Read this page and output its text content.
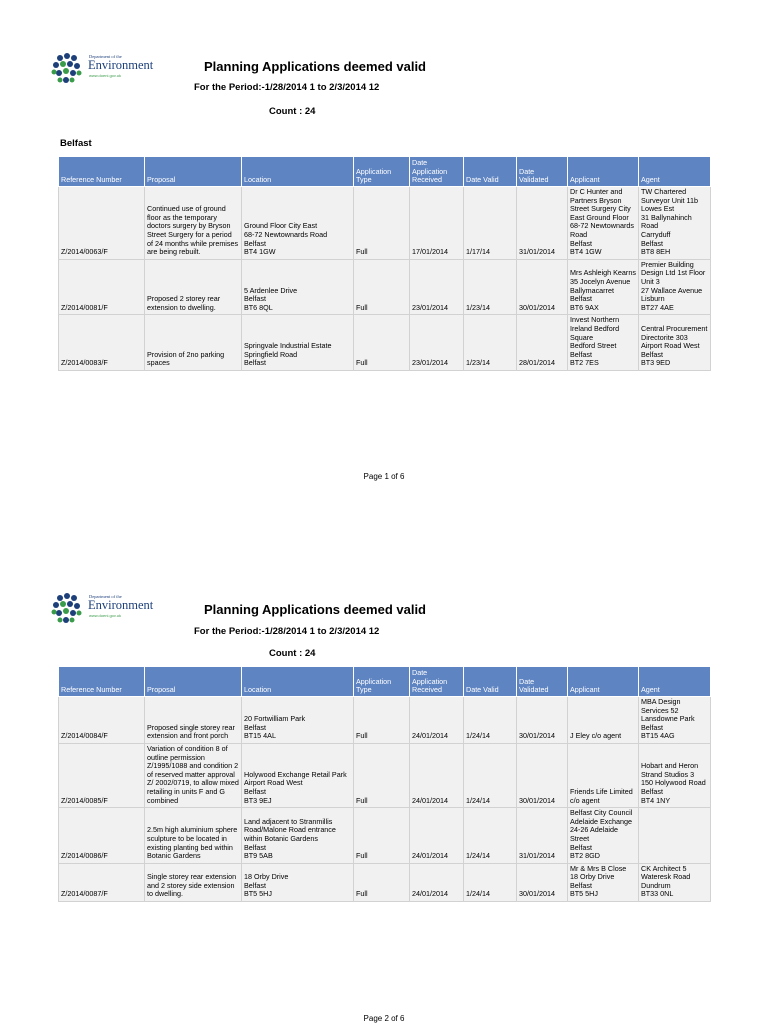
Department of the
Environment
www.doeni.gov.uk
Planning Applications deemed valid
For the Period:-1/28/2014 1 to 2/3/2014 12
Count : 24
Belfast
Reference Number	Proposal	Location	Application Type	Date Application Received	Date Valid	Date Validated	Applicant	Agent
Z/2014/0063/F	Continued use of ground floor as the temporary doctors surgery by Bryson Street Surgery for a period of 24 months while premises are being rebuilt.	Ground Floor City East
68-72 Newtownards Road
Belfast
BT4 1GW	Full	17/01/2014	1/17/14	31/01/2014	Dr C Hunter and Partners Bryson Street Surgery City East Ground Floor
68-72 Newtownards Road
Belfast
BT4 1GW	TW Chartered Surveyor Unit 11b Lowes Est
31 Ballynahinch Road
Carryduff
Belfast
BT8 8EH
Z/2014/0081/F	Proposed 2 storey rear extension to dwelling.	5 Ardenlee Drive
Belfast
BT6 8QL	Full	23/01/2014	1/23/14	30/01/2014	Mrs Ashleigh Kearns 35 Jocelyn Avenue
Ballymacarret
Belfast
BT6 9AX	Premier Building Design Ltd 1st Floor
Unit 3
27 Wallace Avenue
Lisburn
BT27 4AE
Z/2014/0083/F	Provision of 2no parking spaces	Springvale Industrial Estate
Springfield Road
Belfast	Full	23/01/2014	1/23/14	28/01/2014	Invest Northern Ireland Bedford Square
Bedford Street
Belfast
BT2 7ES	Central Procurement Directorite 303 Airport Road West
Belfast
BT3 9ED
Page 1 of 6
Department of the
Environment
www.doeni.gov.uk	Planning Applications deemed valid
For the Period:-1/28/2014 1 to 2/3/2014 12
Count : 24
Reference Number	Proposal	Location	Application Type	Date Application Received	Date Valid	Date Validated	Applicant	Agent
Z/2014/0084/F	Proposed single storey rear extension and front porch	20 Fortwilliam Park
Belfast
BT15 4AL	Full	24/01/2014	1/24/14	30/01/2014	J Eley c/o agent	MBA Design Services 52 Lansdowne Park
Belfast
BT15 4AG
Z/2014/0085/F	Variation of condition 8 of outline permission Z/1995/1088 and condition 2 of reserved matter approval Z/ 2002/0719, to allow mixed retailing in units F and G combined	Holywood Exchange Retail Park
Airport Road West
Belfast
BT3 9EJ	Full	24/01/2014	1/24/14	30/01/2014	Friends Life Limited c/o agent	Hobart and Heron Strand Studios 3
150 Holywood Road
Belfast
BT4 1NY
Z/2014/0086/F	2.5m high aluminium sphere sculpture to be located in existing planting bed within Botanic Gardens	Land adjacent to Stranmillis Road/Malone Road entrance within Botanic Gardens
Belfast
BT9 5AB	Full	24/01/2014	1/24/14	31/01/2014	Belfast City Council Adelaide Exchange
24-26 Adelaide Street
Belfast
BT2 8GD	
Z/2014/0087/F	Single storey rear extension and 2 storey side extension to dwelling.	18 Orby Drive
Belfast
BT5 5HJ	Full	24/01/2014	1/24/14	30/01/2014	Mr & Mrs B Close 18 Orby Drive
Belfast
BT5 5HJ	CK Architect 5 Wateresk Road
Dundrum
BT33 0NL
Page 2 of 6
